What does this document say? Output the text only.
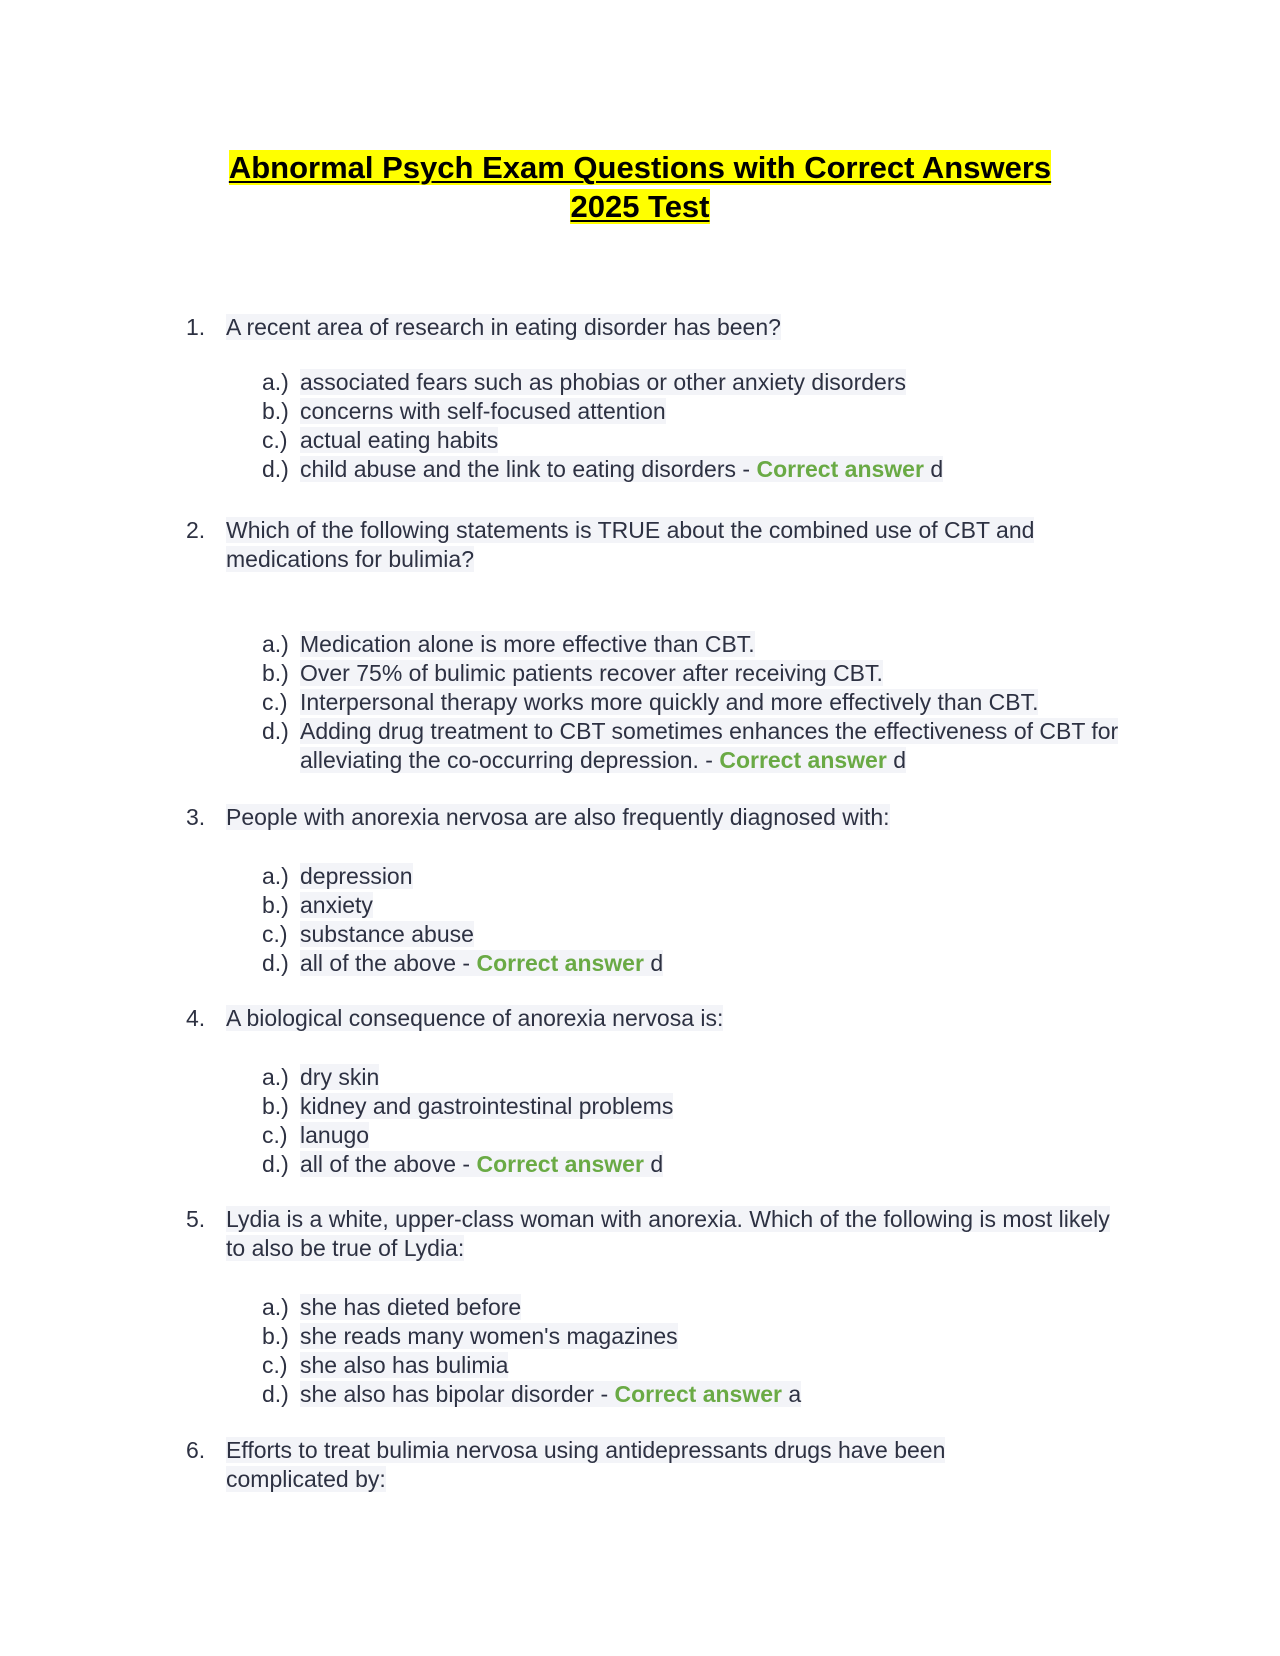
Abnormal Psych Exam Questions with Correct Answers
2025 Test
1. A recent area of research in eating disorder has been?
a.) associated fears such as phobias or other anxiety disorders
b.) concerns with self-focused attention
c.) actual eating habits
d.) child abuse and the link to eating disorders - Correct answer d
2. Which of the following statements is TRUE about the combined use of CBT and medications for bulimia?
a.) Medication alone is more effective than CBT.
b.) Over 75% of bulimic patients recover after receiving CBT.
c.) Interpersonal therapy works more quickly and more effectively than CBT.
d.) Adding drug treatment to CBT sometimes enhances the effectiveness of CBT for alleviating the co-occurring depression. - Correct answer d
3. People with anorexia nervosa are also frequently diagnosed with:
a.) depression
b.) anxiety
c.) substance abuse
d.) all of the above - Correct answer d
4. A biological consequence of anorexia nervosa is:
a.) dry skin
b.) kidney and gastrointestinal problems
c.) lanugo
d.) all of the above - Correct answer d
5. Lydia is a white, upper-class woman with anorexia. Which of the following is most likely to also be true of Lydia:
a.) she has dieted before
b.) she reads many women's magazines
c.) she also has bulimia
d.) she also has bipolar disorder - Correct answer a
6. Efforts to treat bulimia nervosa using antidepressants drugs have been complicated by:
